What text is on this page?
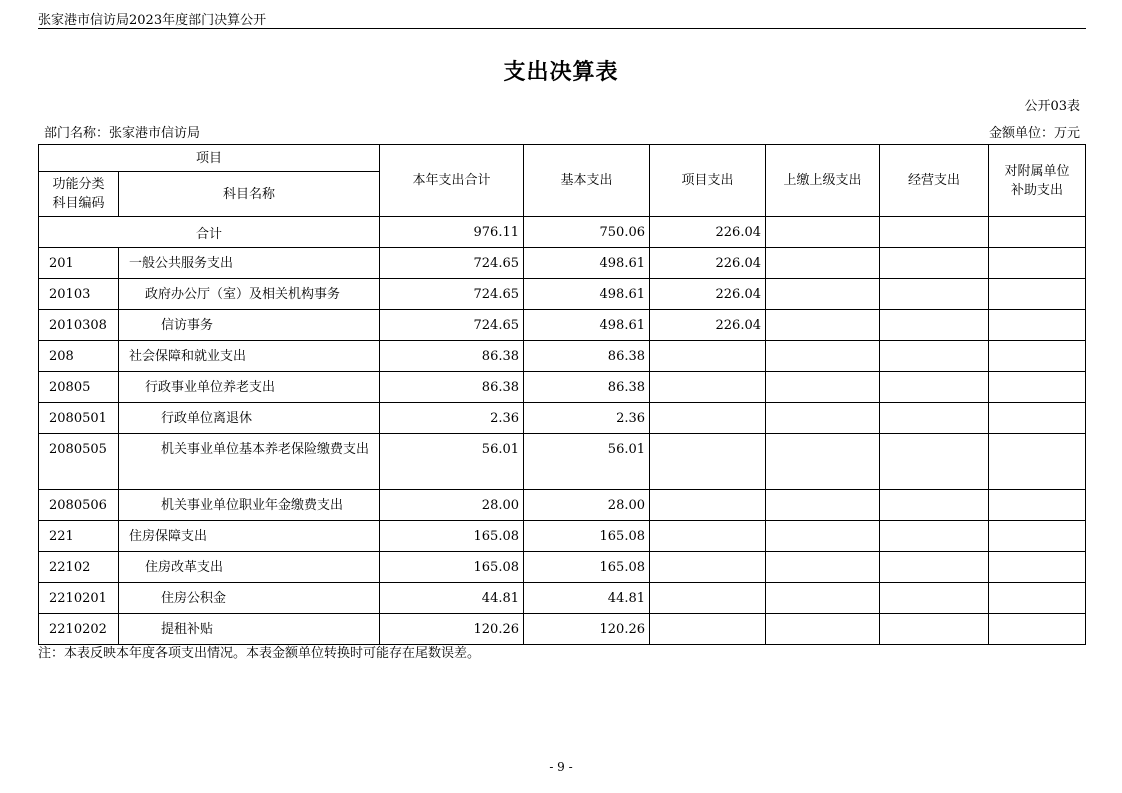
张家港市信访局2023年度部门决算公开
支出决算表
公开03表
部门名称：张家港市信访局	金额单位：万元
项目		本年支出合计	基本支出	项目支出	上缴上级支出	经营支出	对附属单位补助支出
功能分类科目编码	科目名称						
合计		976.11	750.06	226.04			
201	一般公共服务支出	724.65	498.61	226.04			
20103	政府办公厅（室）及相关机构事务	724.65	498.61	226.04			
2010308	信访事务	724.65	498.61	226.04			
208	社会保障和就业支出	86.38	86.38				
20805	行政事业单位养老支出	86.38	86.38				
2080501	行政单位离退休	2.36	2.36				
2080505	机关事业单位基本养老保险缴费支出	56.01	56.01				
2080506	机关事业单位职业年金缴费支出	28.00	28.00				
221	住房保障支出	165.08	165.08				
22102	住房改革支出	165.08	165.08				
2210201	住房公积金	44.81	44.81				
2210202	提租补贴	120.26	120.26				
注：本表反映本年度各项支出情况。本表金额单位转换时可能存在尾数误差。
- 9 -
